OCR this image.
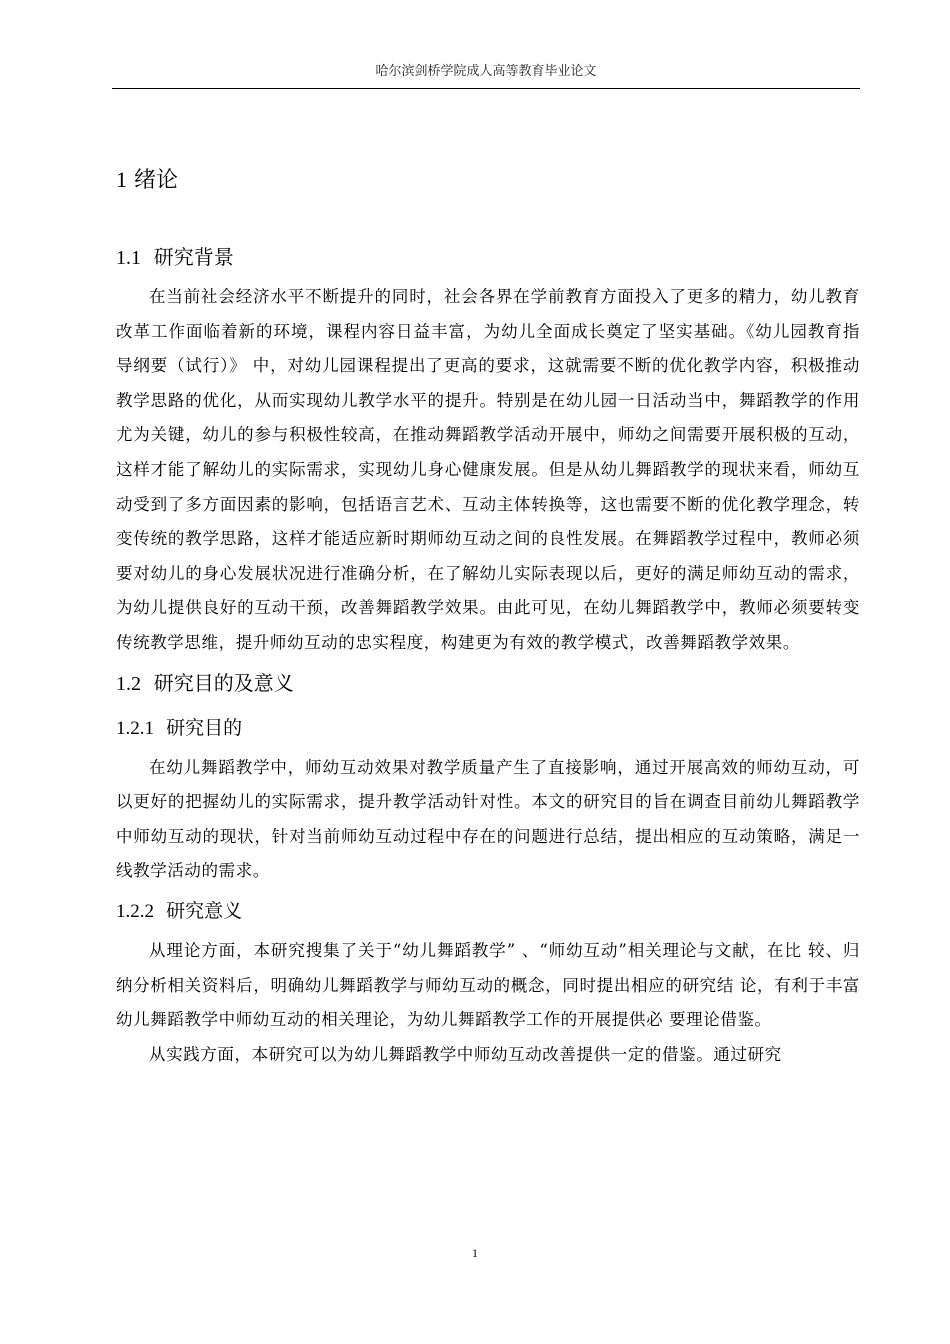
哈尔滨剑桥学院成人高等教育毕业论文
1 绪论
1.1 研究背景

在当前社会经济水平不断提升的同时，社会各界在学前教育方面投入了更多的精力，幼儿教育改革工作面临着新的环境，课程内容日益丰富，为幼儿全面成长奠定了坚实基础。《幼儿园教育指导纲要（试行）》 中，对幼儿园课程提出了更高的要求，这就需要不断的优化教学内容，积极推动教学思路的优化，从而实现幼儿教学水平的提升。特别是在幼儿园一日活动当中，舞蹈教学的作用尤为关键，幼儿的参与积极性较高，在推动舞蹈教学活动开展中，师幼之间需要开展积极的互动，这样才能了解幼儿的实际需求，实现幼儿身心健康发展。但是从幼儿舞蹈教学的现状来看，师幼互动受到了多方面因素的影响，包括语言艺术、互动主体转换等，这也需要不断的优化教学理念，转变传统的教学思路，这样才能适应新时期师幼互动之间的良性发展。在舞蹈教学过程中，教师必须要对幼儿的身心发展状况进行准确分析，在了解幼儿实际表现以后，更好的满足师幼互动的需求，为幼儿提供良好的互动干预，改善舞蹈教学效果。由此可见，在幼儿舞蹈教学中，教师必须要转变传统教学思维，提升师幼互动的忠实程度，构建更为有效的教学模式，改善舞蹈教学效果。

1.2 研究目的及意义
1.2.1 研究目的

在幼儿舞蹈教学中，师幼互动效果对教学质量产生了直接影响，通过开展高效的师幼互动，可以更好的把握幼儿的实际需求，提升教学活动针对性。本文的研究目的旨在调查目前幼儿舞蹈教学中师幼互动的现状，针对当前师幼互动过程中存在的问题进行总结，提出相应的互动策略，满足一线教学活动的需求。

1.2.2 研究意义

从理论方面，本研究搜集了关于“幼儿舞蹈教学” 、“师幼互动”相关理论与文献，在比 较、归纳分析相关资料后，明确幼儿舞蹈教学与师幼互动的概念，同时提出相应的研究结 论，有利于丰富幼儿舞蹈教学中师幼互动的相关理论，为幼儿舞蹈教学工作的开展提供必 要理论借鉴。

从实践方面，本研究可以为幼儿舞蹈教学中师幼互动改善提供一定的借鉴。通过研究

1
